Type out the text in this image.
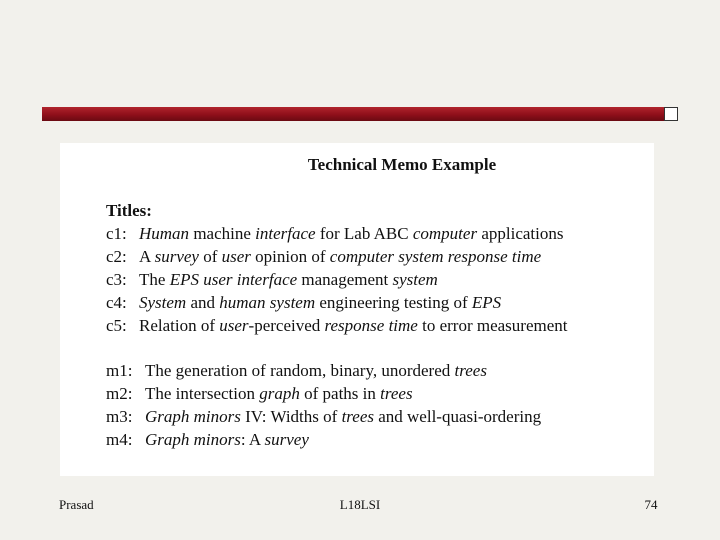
Technical Memo Example
Titles:
c1: Human machine interface for Lab ABC computer applications
c2: A survey of user opinion of computer system response time
c3: The EPS user interface management system
c4: System and human system engineering testing of EPS
c5: Relation of user-perceived response time to error measurement
m1: The generation of random, binary, unordered trees
m2: The intersection graph of paths in trees
m3: Graph minors IV: Widths of trees and well-quasi-ordering
m4: Graph minors: A survey
Prasad	L18LSI	74
